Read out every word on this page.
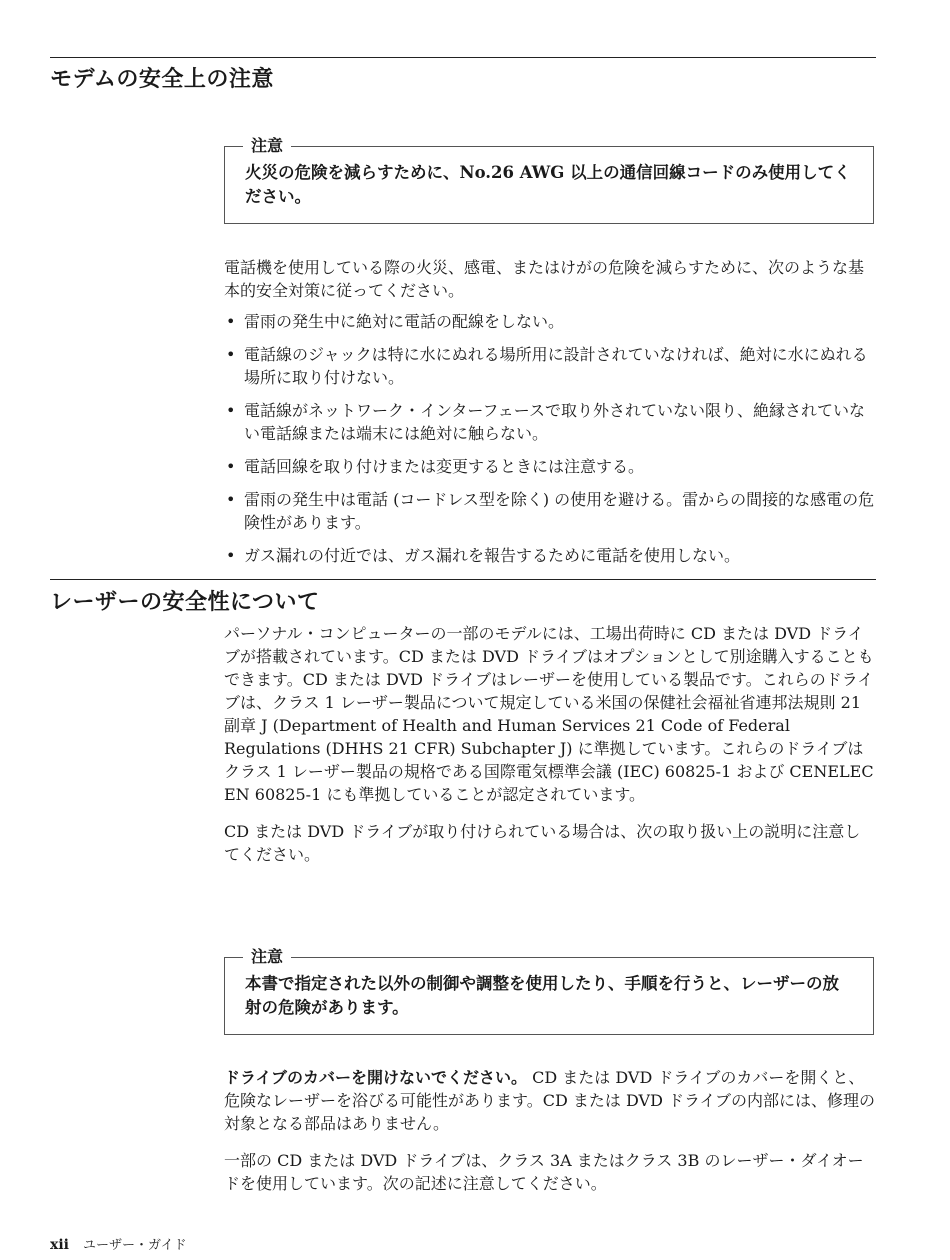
モデムの安全上の注意
注意

火災の危険を減らすために、No.26 AWG 以上の通信回線コードのみ使用してください。

電話機を使用している際の火災、感電、またはけがの危険を減らすために、次のような基本的安全対策に従ってください。

• 雷雨の発生中に絶対に電話の配線をしない。
• 電話線のジャックは特に水にぬれる場所用に設計されていなければ、絶対に水にぬれる場所に取り付けない。
• 電話線がネットワーク・インターフェースで取り外されていない限り、絶縁されていない電話線または端末には絶対に触らない。
• 電話回線を取り付けまたは変更するときには注意する。
• 雷雨の発生中は電話 (コードレス型を除く) の使用を避ける。雷からの間接的な感電の危険性があります。
• ガス漏れの付近では、ガス漏れを報告するために電話を使用しない。
レーザーの安全性について

パーソナル・コンピューターの一部のモデルには、工場出荷時に CD または DVD ドライブが搭載されています。CD または DVD ドライブはオプションとして別途購入することもできます。CD または DVD ドライブはレーザーを使用している製品です。これらのドライブは、クラス 1 レーザー製品について規定している米国の保健社会福祉省連邦法規則 21 副章 J (Department of Health and Human Services 21 Code of Federal Regulations (DHHS 21 CFR) Subchapter J) に準拠しています。これらのドライブはクラス 1 レーザー製品の規格である国際電気標準会議 (IEC) 60825-1 および CENELEC EN 60825-1 にも準拠していることが認定されています。

CD または DVD ドライブが取り付けられている場合は、次の取り扱い上の説明に注意してください。

注意

本書で指定された以外の制御や調整を使用したり、手順を行うと、レーザーの放射の危険があります。

ドライブのカバーを開けないでください。 CD または DVD ドライブのカバーを開くと、危険なレーザーを浴びる可能性があります。CD または DVD ドライブの内部には、修理の対象となる部品はありません。

一部の CD または DVD ドライブは、クラス 3A またはクラス 3B のレーザー・ダイオードを使用しています。次の記述に注意してください。

xii ユーザー・ガイド
